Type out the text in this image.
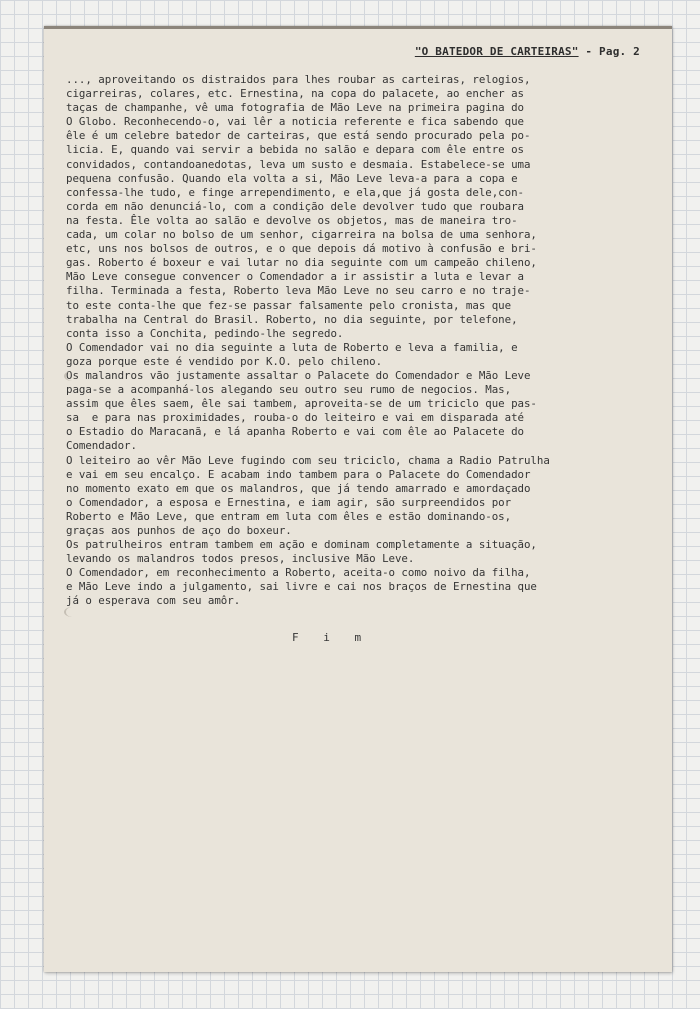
"O BATEDOR DE CARTEIRAS" - Pag. 2
..., aproveitando os distraidos para lhes roubar as carteiras, relogios,
cigarreiras, colares, etc. Ernestina, na copa do palacete, ao encher as
taças de champanhe, vê uma fotografia de Mão Leve na primeira pagina do
O Globo. Reconhecendo-o, vai lêr a noticia referente e fica sabendo que
êle é um celebre batedor de carteiras, que está sendo procurado pela po-
licia. E, quando vai servir a bebida no salão e depara com êle entre os
convidados, contandoanedotas, leva um susto e desmaia. Estabelece-se uma
pequena confusão. Quando ela volta a si, Mão Leve leva-a para a copa e
confessa-lhe tudo, e finge arrependimento, e ela,que já gosta dele,con-
corda em não denunciá-lo, com a condição dele devolver tudo que roubara
na festa. Êle volta ao salão e devolve os objetos, mas de maneira tro-
cada, um colar no bolso de um senhor, cigarreira na bolsa de uma senhora,
etc, uns nos bolsos de outros, e o que depois dá motivo à confusão e bri-
gas. Roberto é boxeur e vai lutar no dia seguinte com um campeão chileno,
Mão Leve consegue convencer o Comendador a ir assistir a luta e levar a
filha. Terminada a festa, Roberto leva Mão Leve no seu carro e no traje-
to este conta-lhe que fez-se passar falsamente pelo cronista, mas que
trabalha na Central do Brasil. Roberto, no dia seguinte, por telefone,
conta isso a Conchita, pedindo-lhe segredo.
O Comendador vai no dia seguinte a luta de Roberto e leva a familia, e
goza porque este é vendido por K.O. pelo chileno.
Os malandros vão justamente assaltar o Palacete do Comendador e Mão Leve
paga-se a acompanhá-los alegando seu outro seu rumo de negocios. Mas,
assim que êles saem, êle sai tambem, aproveita-se de um triciclo que pas-
sa  e para nas proximidades, rouba-o do leiteiro e vai em disparada até
o Estadio do Maracanã, e lá apanha Roberto e vai com êle ao Palacete do
Comendador.
O leiteiro ao vêr Mão Leve fugindo com seu triciclo, chama a Radio Patrulha
e vai em seu encalço. E acabam indo tambem para o Palacete do Comendador
no momento exato em que os malandros, que já tendo amarrado e amordaçado
o Comendador, a esposa e Ernestina, e iam agir, são surpreendidos por
Roberto e Mão Leve, que entram em luta com êles e estão dominando-os,
graças aos punhos de aço do boxeur.
Os patrulheiros entram tambem em ação e dominam completamente a situação,
levando os malandros todos presos, inclusive Mão Leve.
O Comendador, em reconhecimento a Roberto, aceita-o como noivo da filha,
e Mão Leve indo a julgamento, sai livre e cai nos braços de Ernestina que
já o esperava com seu amôr.
F i m
